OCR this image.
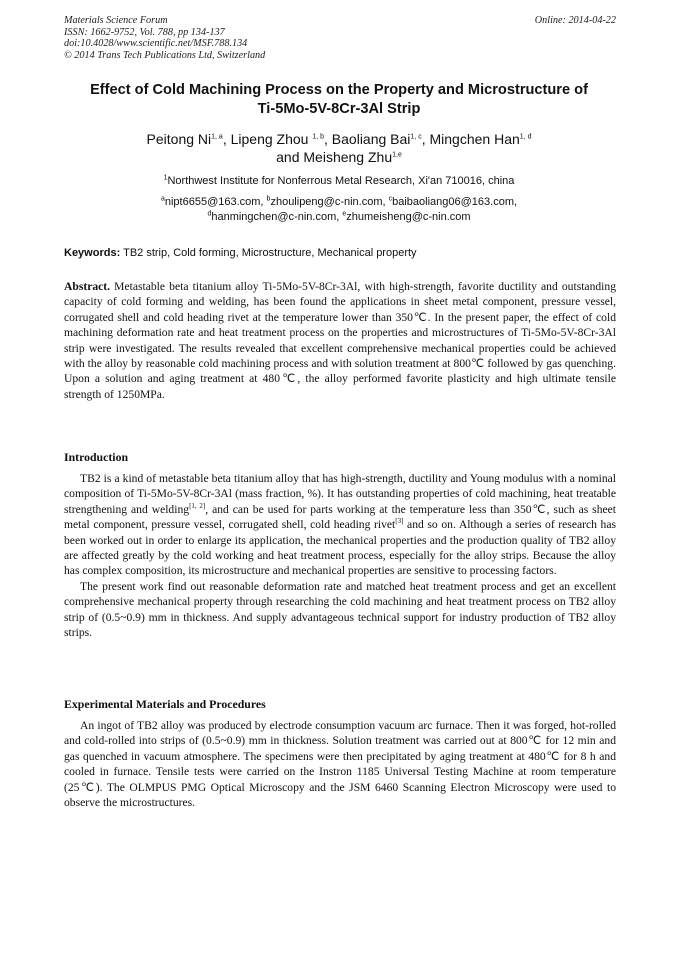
Materials Science Forum
ISSN: 1662-9752, Vol. 788, pp 134-137
doi:10.4028/www.scientific.net/MSF.788.134
© 2014 Trans Tech Publications Ltd, Switzerland
Online: 2014-04-22
Effect of Cold Machining Process on the Property and Microstructure of
Ti-5Mo-5V-8Cr-3Al Strip
Peitong Ni$^{1, a}$, Lipeng Zhou $^{1, b}$, Baoliang Bai$^{1, c}$, Mingchen Han$^{1, d}$
and Meisheng Zhu$^{1,e}$
$^1$Northwest Institute for Nonferrous Metal Research, Xi'an 710016, china
$^a$nipt6655@163.com, $^b$zhoulipeng@c-nin.com, $^c$baibaoliang06@163.com,
$^d$hanmingchen@c-nin.com, $^e$zhumeisheng@c-nin.com
Keywords: TB2 strip, Cold forming, Microstructure, Mechanical property
Abstract. Metastable beta titanium alloy Ti-5Mo-5V-8Cr-3Al, with high-strength, favorite ductility and outstanding capacity of cold forming and welding, has been found the applications in sheet metal component, pressure vessel, corrugated shell and cold heading rivet at the temperature lower than 350℃. In the present paper, the effect of cold machining deformation rate and heat treatment process on the properties and microstructures of Ti-5Mo-5V-8Cr-3Al strip were investigated. The results revealed that excellent comprehensive mechanical properties could be achieved with the alloy by reasonable cold machining process and with solution treatment at 800℃ followed by gas quenching. Upon a solution and aging treatment at 480℃, the alloy performed favorite plasticity and high ultimate tensile strength of 1250MPa.
Introduction

TB2 is a kind of metastable beta titanium alloy that has high-strength, ductility and Young modulus with a nominal composition of Ti-5Mo-5V-8Cr-3Al (mass fraction, %). It has outstanding properties of cold machining, heat treatable strengthening and welding[1, 2], and can be used for parts working at the temperature less than 350℃, such as sheet metal component, pressure vessel, corrugated shell, cold heading rivet[3] and so on. Although a series of research has been worked out in order to enlarge its application, the mechanical properties and the production quality of TB2 alloy are affected greatly by the cold working and heat treatment process, especially for the alloy strips. Because the alloy has complex composition, its microstructure and mechanical properties are sensitive to processing factors.

The present work find out reasonable deformation rate and matched heat treatment process and get an excellent comprehensive mechanical property through researching the cold machining and heat treatment process on TB2 alloy strip of (0.5~0.9) mm in thickness. And supply advantageous technical support for industry production of TB2 alloy strips.

Experimental Materials and Procedures

An ingot of TB2 alloy was produced by electrode consumption vacuum arc furnace. Then it was forged, hot-rolled and cold-rolled into strips of (0.5~0.9) mm in thickness. Solution treatment was carried out at 800℃ for 12 min and gas quenched in vacuum atmosphere. The specimens were then precipitated by aging treatment at 480℃ for 8 h and cooled in furnace. Tensile tests were carried on the Instron 1185 Universal Testing Machine at room temperature (25℃). The OLMPUS PMG Optical Microscopy and the JSM 6460 Scanning Electron Microscopy were used to observe the microstructures.
